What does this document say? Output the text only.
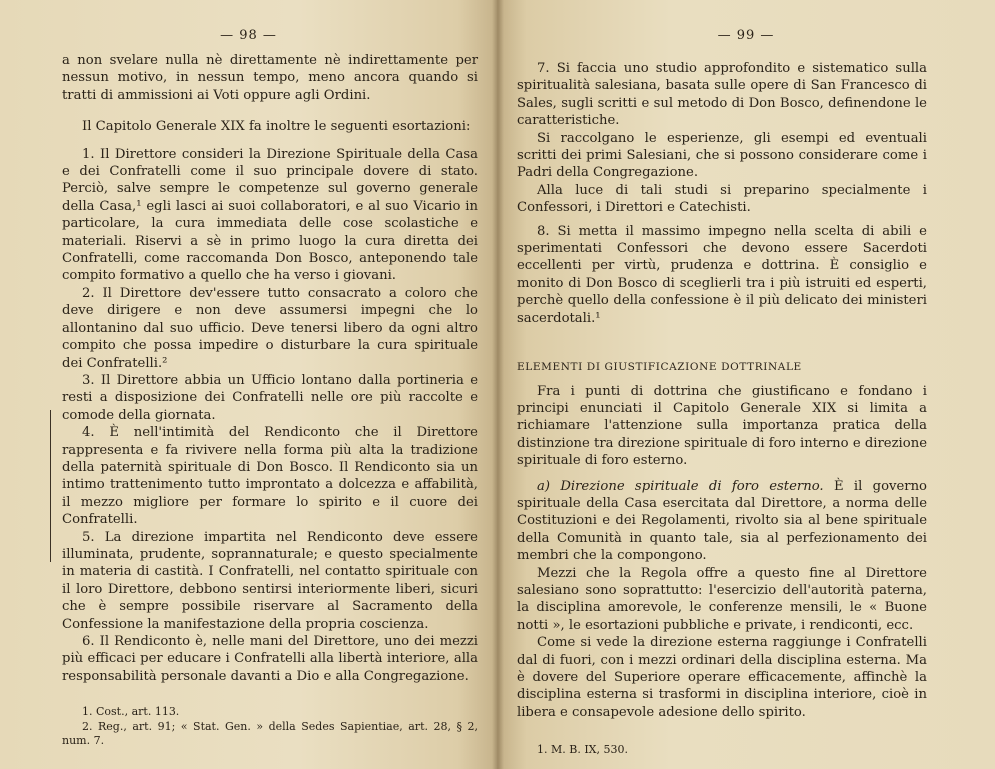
— 98 —

a non svelare nulla nè direttamente nè indirettamente per nessun motivo, in nessun tempo, meno ancora quando si tratti di ammissioni ai Voti oppure agli Ordini.

Il Capitolo Generale XIX fa inoltre le seguenti esortazioni:

1. Il Direttore consideri la Direzione Spirituale della Casa e dei Confratelli come il suo principale dovere di stato. Perciò, salve sempre le competenze sul governo generale della Casa,¹ egli lasci ai suoi collaboratori, e al suo Vicario in particolare, la cura immediata delle cose scolastiche e materiali. Riservi a sè in primo luogo la cura diretta dei Confratelli, come raccomanda Don Bosco, anteponendo tale compito formativo a quello che ha verso i giovani.

2. Il Direttore dev'essere tutto consacrato a coloro che deve dirigere e non deve assumersi impegni che lo allontanino dal suo ufficio. Deve tenersi libero da ogni altro compito che possa impedire o disturbare la cura spirituale dei Confratelli.²

3. Il Direttore abbia un Ufficio lontano dalla portineria e resti a disposizione dei Confratelli nelle ore più raccolte e comode della giornata.

4. È nell'intimità del Rendiconto che il Direttore rappresenta e fa rivivere nella forma più alta la tradizione della paternità spirituale di Don Bosco. Il Rendiconto sia un intimo trattenimento tutto improntato a dolcezza e affabilità, il mezzo migliore per formare lo spirito e il cuore dei Confratelli.

5. La direzione impartita nel Rendiconto deve essere illuminata, prudente, soprannaturale; e questo specialmente in materia di castità. I Confratelli, nel contatto spirituale con il loro Direttore, debbono sentirsi interiormente liberi, sicuri che è sempre possibile riservare al Sacramento della Confessione la manifestazione della propria coscienza.

6. Il Rendiconto è, nelle mani del Direttore, uno dei mezzi più efficaci per educare i Confratelli alla libertà interiore, alla responsabilità personale davanti a Dio e alla Congregazione.

1. Cost., art. 113.

2. Reg., art. 91; « Stat. Gen. » della Sedes Sapientiae, art. 28, § 2, num. 7.

— 99 —

7. Si faccia uno studio approfondito e sistematico sulla spiritualità salesiana, basata sulle opere di San Francesco di Sales, sugli scritti e sul metodo di Don Bosco, definendone le caratteristiche.

Si raccolgano le esperienze, gli esempi ed eventuali scritti dei primi Salesiani, che si possono considerare come i Padri della Congregazione.

Alla luce di tali studi si preparino specialmente i Confessori, i Direttori e Catechisti.

8. Si metta il massimo impegno nella scelta di abili e sperimentati Confessori che devono essere Sacerdoti eccellenti per virtù, prudenza e dottrina. È consiglio e monito di Don Bosco di sceglierli tra i più istruiti ed esperti, perchè quello della confessione è il più delicato dei ministeri sacerdotali.¹

ELEMENTI DI GIUSTIFICAZIONE DOTTRINALE

Fra i punti di dottrina che giustificano e fondano i principi enunciati il Capitolo Generale XIX si limita a richiamare l'attenzione sulla importanza pratica della distinzione tra direzione spirituale di foro interno e direzione spirituale di foro esterno.

a) Direzione spirituale di foro esterno. È il governo spirituale della Casa esercitata dal Direttore, a norma delle Costituzioni e dei Regolamenti, rivolto sia al bene spirituale della Comunità in quanto tale, sia al perfezionamento dei membri che la compongono.

Mezzi che la Regola offre a questo fine al Direttore salesiano sono soprattutto: l'esercizio dell'autorità paterna, la disciplina amorevole, le conferenze mensili, le « Buone notti », le esortazioni pubbliche e private, i rendiconti, ecc.

Come si vede la direzione esterna raggiunge i Confratelli dal di fuori, con i mezzi ordinari della disciplina esterna. Ma è dovere del Superiore operare efficacemente, affinchè la disciplina esterna si trasformi in disciplina interiore, cioè in libera e consapevole adesione dello spirito.

1. M. B. IX, 530.
